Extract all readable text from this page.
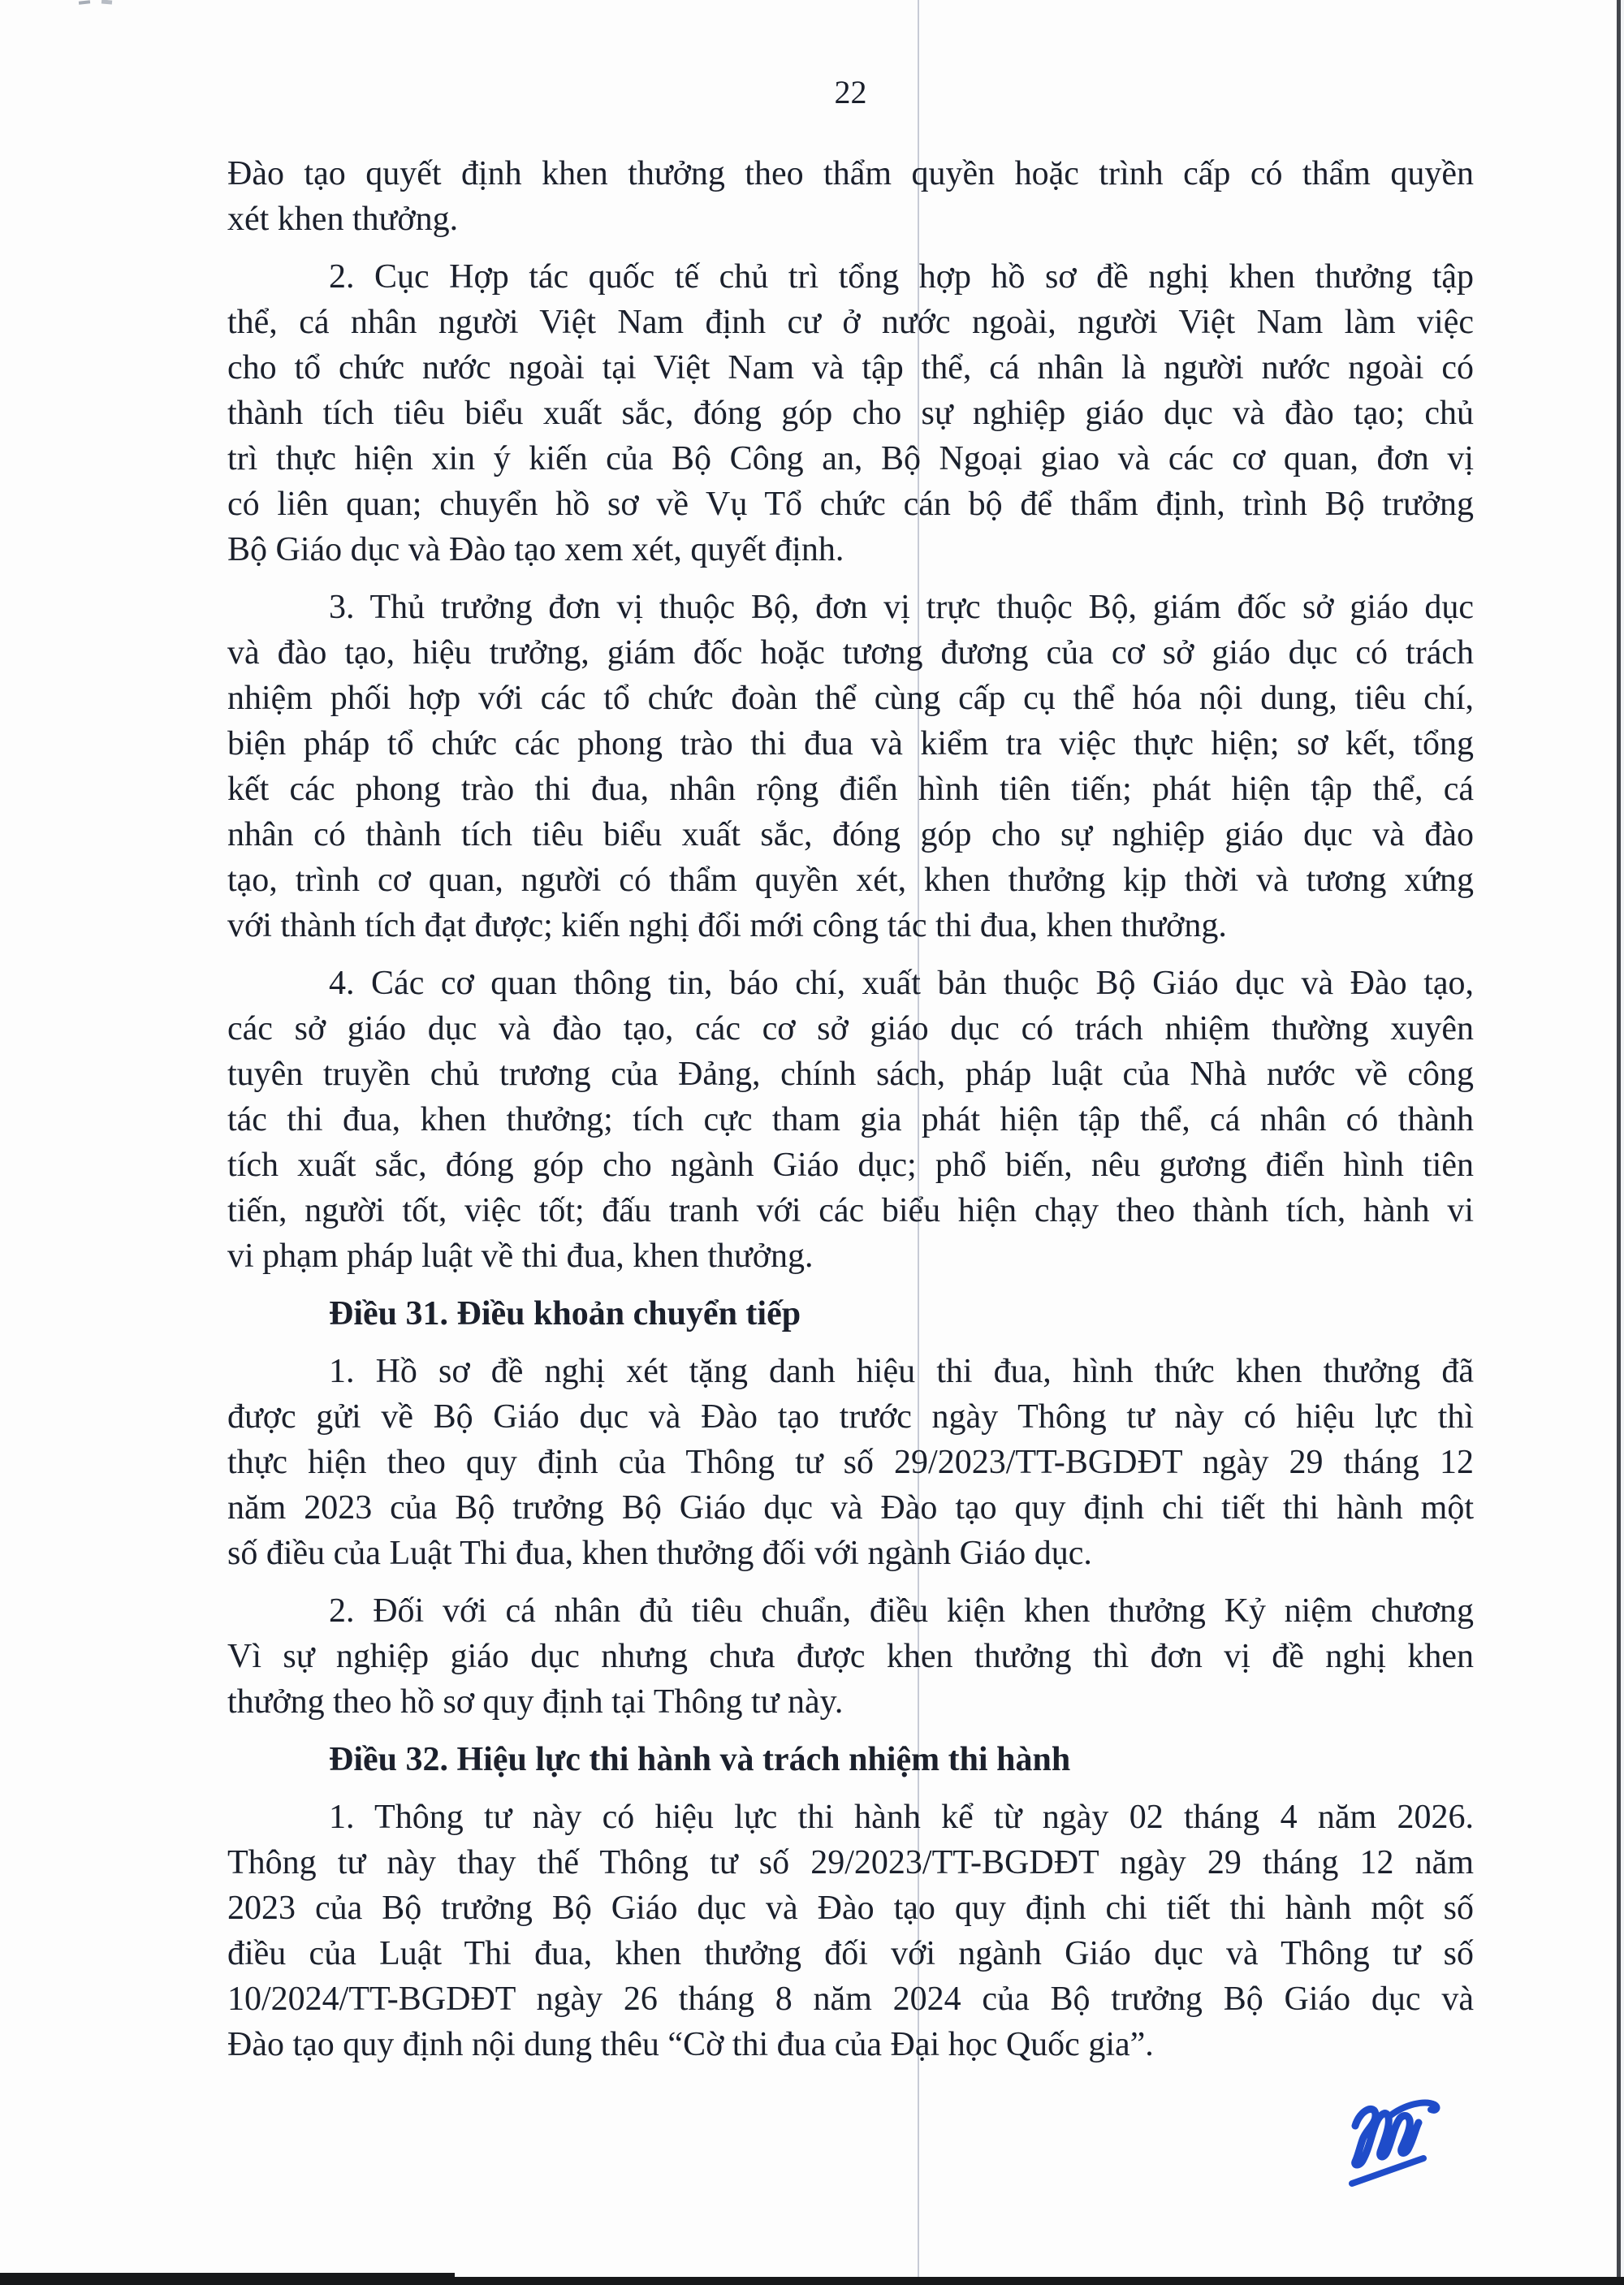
22
Đào tạo quyết định khen thưởng theo thẩm quyền hoặc trình cấp có thẩm quyền
xét khen thưởng.
2. Cục Hợp tác quốc tế chủ trì tổng hợp hồ sơ đề nghị khen thưởng tập
thể, cá nhân người Việt Nam định cư ở nước ngoài, người Việt Nam làm việc
cho tổ chức nước ngoài tại Việt Nam và tập thể, cá nhân là người nước ngoài có
thành tích tiêu biểu xuất sắc, đóng góp cho sự nghiệp giáo dục và đào tạo; chủ
trì thực hiện xin ý kiến của Bộ Công an, Bộ Ngoại giao và các cơ quan, đơn vị
có liên quan; chuyển hồ sơ về Vụ Tổ chức cán bộ để thẩm định, trình Bộ trưởng
Bộ Giáo dục và Đào tạo xem xét, quyết định.
3. Thủ trưởng đơn vị thuộc Bộ, đơn vị trực thuộc Bộ, giám đốc sở giáo dục
và đào tạo, hiệu trưởng, giám đốc hoặc tương đương của cơ sở giáo dục có trách
nhiệm phối hợp với các tổ chức đoàn thể cùng cấp cụ thể hóa nội dung, tiêu chí,
biện pháp tổ chức các phong trào thi đua và kiểm tra việc thực hiện; sơ kết, tổng
kết các phong trào thi đua, nhân rộng điển hình tiên tiến; phát hiện tập thể, cá
nhân có thành tích tiêu biểu xuất sắc, đóng góp cho sự nghiệp giáo dục và đào
tạo, trình cơ quan, người có thẩm quyền xét, khen thưởng kịp thời và tương xứng
với thành tích đạt được; kiến nghị đổi mới công tác thi đua, khen thưởng.
4. Các cơ quan thông tin, báo chí, xuất bản thuộc Bộ Giáo dục và Đào tạo,
các sở giáo dục và đào tạo, các cơ sở giáo dục có trách nhiệm thường xuyên
tuyên truyền chủ trương của Đảng, chính sách, pháp luật của Nhà nước về công
tác thi đua, khen thưởng; tích cực tham gia phát hiện tập thể, cá nhân có thành
tích xuất sắc, đóng góp cho ngành Giáo dục; phổ biến, nêu gương điển hình tiên
tiến, người tốt, việc tốt; đấu tranh với các biểu hiện chạy theo thành tích, hành vi
vi phạm pháp luật về thi đua, khen thưởng.
Điều 31. Điều khoản chuyển tiếp
1. Hồ sơ đề nghị xét tặng danh hiệu thi đua, hình thức khen thưởng đã
được gửi về Bộ Giáo dục và Đào tạo trước ngày Thông tư này có hiệu lực thì
thực hiện theo quy định của Thông tư số 29/2023/TT-BGDĐT ngày 29 tháng 12
năm 2023 của Bộ trưởng Bộ Giáo dục và Đào tạo quy định chi tiết thi hành một
số điều của Luật Thi đua, khen thưởng đối với ngành Giáo dục.
2. Đối với cá nhân đủ tiêu chuẩn, điều kiện khen thưởng Kỷ niệm chương
Vì sự nghiệp giáo dục nhưng chưa được khen thưởng thì đơn vị đề nghị khen
thưởng theo hồ sơ quy định tại Thông tư này.
Điều 32. Hiệu lực thi hành và trách nhiệm thi hành
1. Thông tư này có hiệu lực thi hành kể từ ngày 02 tháng 4 năm 2026.
Thông tư này thay thế Thông tư số 29/2023/TT-BGDĐT ngày 29 tháng 12 năm
2023 của Bộ trưởng Bộ Giáo dục và Đào tạo quy định chi tiết thi hành một số
điều của Luật Thi đua, khen thưởng đối với ngành Giáo dục và Thông tư số
10/2024/TT-BGDĐT ngày 26 tháng 8 năm 2024 của Bộ trưởng Bộ Giáo dục và
Đào tạo quy định nội dung thêu “Cờ thi đua của Đại học Quốc gia”.
